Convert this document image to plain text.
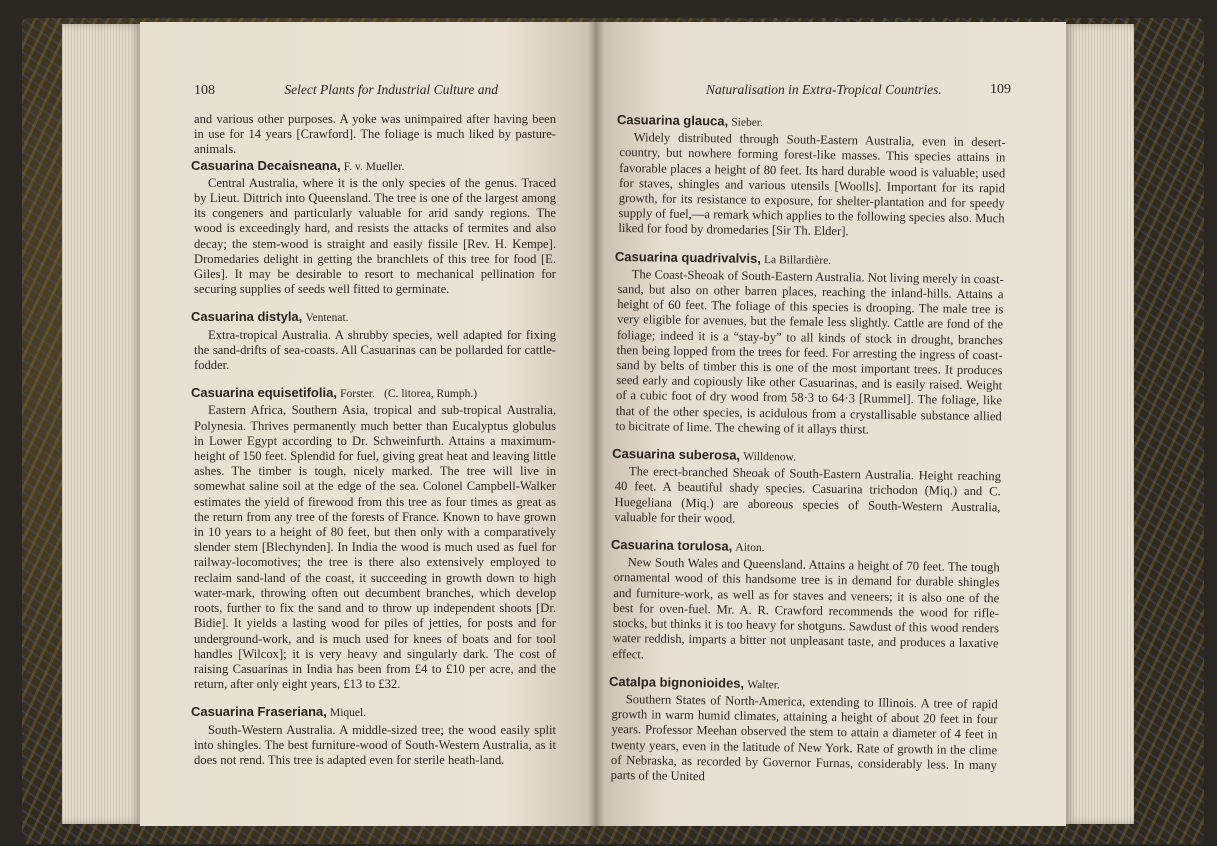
108	Select Plants for Industrial Culture and	Naturalisation in Extra-Tropical Countries.	109

and various other purposes. A yoke was unimpaired after having been in use for 14 years [Crawford]. The foliage is much liked by pasture-animals.

Casuarina Decaisneana, F. v. Mueller.

Central Australia, where it is the only species of the genus. Traced by Lieut. Dittrich into Queensland. The tree is one of the largest among its congeners and particularly valuable for arid sandy regions. The wood is exceedingly hard, and resists the attacks of termites and also decay; the stem-wood is straight and easily fissile [Rev. H. Kempe]. Dromedaries delight in getting the branchlets of this tree for food [E. Giles]. It may be desirable to resort to mechanical pellination for securing supplies of seeds well fitted to germinate.

Casuarina distyla, Ventenat.

Extra-tropical Australia. A shrubby species, well adapted for fixing the sand-drifts of sea-coasts. All Casuarinas can be pollarded for cattle-fodder.

Casuarina equisetifolia, Forster. (C. litorea, Rumph.)

Eastern Africa, Southern Asia, tropical and sub-tropical Australia, Polynesia. Thrives permanently much better than Eucalyptus globulus in Lower Egypt according to Dr. Schweinfurth. Attains a maximum-height of 150 feet. Splendid for fuel, giving great heat and leaving little ashes. The timber is tough, nicely marked. The tree will live in somewhat saline soil at the edge of the sea. Colonel Campbell-Walker estimates the yield of firewood from this tree as four times as great as the return from any tree of the forests of France. Known to have grown in 10 years to a height of 80 feet, but then only with a comparatively slender stem [Blechynden]. In India the wood is much used as fuel for railway-locomotives; the tree is there also extensively employed to reclaim sand-land of the coast, it succeeding in growth down to high water-mark, throwing often out decumbent branches, which develop roots, further to fix the sand and to throw up independent shoots [Dr. Bidie]. It yields a lasting wood for piles of jetties, for posts and for underground-work, and is much used for knees of boats and for tool handles [Wilcox]; it is very heavy and singularly dark. The cost of raising Casuarinas in India has been from £4 to £10 per acre, and the return, after only eight years, £13 to £32.

Casuarina Fraseriana, Miquel.

South-Western Australia. A middle-sized tree; the wood easily split into shingles. The best furniture-wood of South-Western Australia, as it does not rend. This tree is adapted even for sterile heath-land.

Casuarina glauca, Sieber.

Widely distributed through South-Eastern Australia, even in desert-country, but nowhere forming forest-like masses. This species attains in favorable places a height of 80 feet. Its hard durable wood is valuable; used for staves, shingles and various utensils [Woolls]. Important for its rapid growth, for its resistance to exposure, for shelter-plantation and for speedy supply of fuel,—a remark which applies to the following species also. Much liked for food by dromedaries [Sir Th. Elder].

Casuarina quadrivalvis, La Billardière.

The Coast-Sheoak of South-Eastern Australia. Not living merely in coast-sand, but also on other barren places, reaching the inland-hills. Attains a height of 60 feet. The foliage of this species is drooping. The male tree is very eligible for avenues, but the female less slightly. Cattle are fond of the foliage; indeed it is a “stay-by” to all kinds of stock in drought, branches then being lopped from the trees for feed. For arresting the ingress of coast-sand by belts of timber this is one of the most important trees. It produces seed early and copiously like other Casuarinas, and is easily raised. Weight of a cubic foot of dry wood from 58·3 to 64·3 [Rummel]. The foliage, like that of the other species, is acidulous from a crystallisable substance allied to bicitrate of lime. The chewing of it allays thirst.

Casuarina suberosa, Willdenow.

The erect-branched Sheoak of South-Eastern Australia. Height reaching 40 feet. A beautiful shady species. Casuarina trichodon (Miq.) and C. Huegeliana (Miq.) are aboreous species of South-Western Australia, valuable for their wood.

Casuarina torulosa, Aiton.

New South Wales and Queensland. Attains a height of 70 feet. The tough ornamental wood of this handsome tree is in demand for durable shingles and furniture-work, as well as for staves and veneers; it is also one of the best for oven-fuel. Mr. A. R. Crawford recommends the wood for rifle-stocks, but thinks it is too heavy for shotguns. Sawdust of this wood renders water reddish, imparts a bitter not unpleasant taste, and produces a laxative effect.

Catalpa bignonioides, Walter.

Southern States of North-America, extending to Illinois. A tree of rapid growth in warm humid climates, attaining a height of about 20 feet in four years. Professor Meehan observed the stem to attain a diameter of 4 feet in twenty years, even in the latitude of New York. Rate of growth in the clime of Nebraska, as recorded by Governor Furnas, considerably less. In many parts of the United
